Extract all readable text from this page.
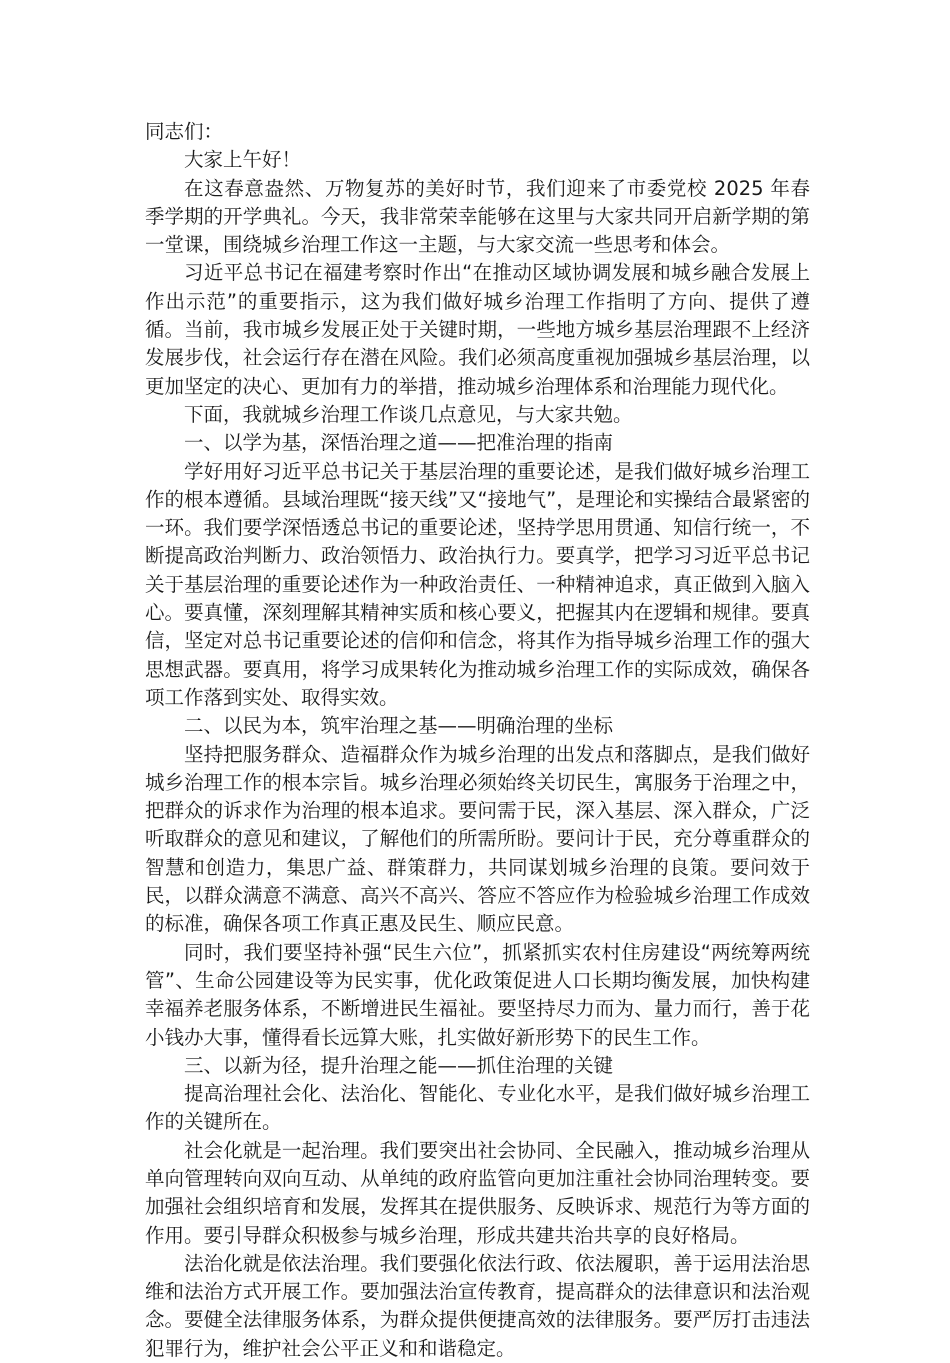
同志们：

大家上午好！

在这春意盎然、万物复苏的美好时节，我们迎来了市委党校 2025 年春季学期的开学典礼。今天，我非常荣幸能够在这里与大家共同开启新学期的第一堂课，围绕城乡治理工作这一主题，与大家交流一些思考和体会。

习近平总书记在福建考察时作出“在推动区域协调发展和城乡融合发展上作出示范”的重要指示，这为我们做好城乡治理工作指明了方向、提供了遵循。当前，我市城乡发展正处于关键时期，一些地方城乡基层治理跟不上经济发展步伐，社会运行存在潜在风险。我们必须高度重视加强城乡基层治理，以更加坚定的决心、更加有力的举措，推动城乡治理体系和治理能力现代化。

下面，我就城乡治理工作谈几点意见，与大家共勉。

一、以学为基，深悟治理之道——把准治理的指南

学好用好习近平总书记关于基层治理的重要论述，是我们做好城乡治理工作的根本遵循。县域治理既“接天线”又“接地气”，是理论和实操结合最紧密的一环。我们要学深悟透总书记的重要论述，坚持学思用贯通、知信行统一，不断提高政治判断力、政治领悟力、政治执行力。要真学，把学习习近平总书记关于基层治理的重要论述作为一种政治责任、一种精神追求，真正做到入脑入心。要真懂，深刻理解其精神实质和核心要义，把握其内在逻辑和规律。要真信，坚定对总书记重要论述的信仰和信念，将其作为指导城乡治理工作的强大思想武器。要真用，将学习成果转化为推动城乡治理工作的实际成效，确保各项工作落到实处、取得实效。

二、以民为本，筑牢治理之基——明确治理的坐标

坚持把服务群众、造福群众作为城乡治理的出发点和落脚点，是我们做好城乡治理工作的根本宗旨。城乡治理必须始终关切民生，寓服务于治理之中，把群众的诉求作为治理的根本追求。要问需于民，深入基层、深入群众，广泛听取群众的意见和建议，了解他们的所需所盼。要问计于民，充分尊重群众的智慧和创造力，集思广益、群策群力，共同谋划城乡治理的良策。要问效于民，以群众满意不满意、高兴不高兴、答应不答应作为检验城乡治理工作成效的标准，确保各项工作真正惠及民生、顺应民意。

同时，我们要坚持补强“民生六位”，抓紧抓实农村住房建设“两统筹两统管”、生命公园建设等为民实事，优化政策促进人口长期均衡发展，加快构建幸福养老服务体系，不断增进民生福祉。要坚持尽力而为、量力而行，善于花小钱办大事，懂得看长远算大账，扎实做好新形势下的民生工作。

三、以新为径，提升治理之能——抓住治理的关键

提高治理社会化、法治化、智能化、专业化水平，是我们做好城乡治理工作的关键所在。

社会化就是一起治理。我们要突出社会协同、全民融入，推动城乡治理从单向管理转向双向互动、从单纯的政府监管向更加注重社会协同治理转变。要加强社会组织培育和发展，发挥其在提供服务、反映诉求、规范行为等方面的作用。要引导群众积极参与城乡治理，形成共建共治共享的良好格局。

法治化就是依法治理。我们要强化依法行政、依法履职，善于运用法治思维和法治方式开展工作。要加强法治宣传教育，提高群众的法律意识和法治观念。要健全法律服务体系，为群众提供便捷高效的法律服务。要严厉打击违法犯罪行为，维护社会公平正义和和谐稳定。
